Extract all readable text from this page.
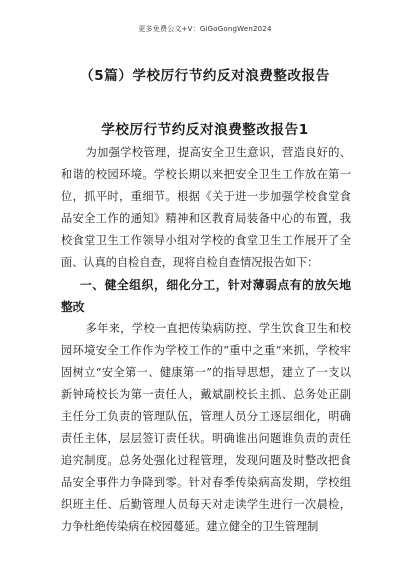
更多免费公文+V：GiGoGongWen2024
（5篇）学校厉行节约反对浪费整改报告
学校厉行节约反对浪费整改报告1

为加强学校管理，提高安全卫生意识，营造良好的、和谐的校园环境。学校长期以来把安全卫生工作放在第一位，抓平时，重细节。根据《关于进一步加强学校食堂食品安全工作的通知》精神和区教育局装备中心的布置，我校食堂卫生工作领导小组对学校的食堂卫生工作展开了全面、认真的自检自查，现将自检自查情况报告如下：

一、健全组织，细化分工，针对薄弱点有的放矢地整改

多年来，学校一直把传染病防控、学生饮食卫生和校园环境安全工作作为学校工作的“重中之重”来抓，学校牢固树立“安全第一、健康第一”的指导思想，建立了一支以新钟琦校长为第一责任人，戴斌副校长主抓、总务处正副主任分工负责的管理队伍，管理人员分工逐层细化，明确责任主体，层层签订责任状。明确谁出问题谁负责的责任追究制度。总务处强化过程管理，发现问题及时整改把食品安全事件力争降到零。针对春季传染病高发期，学校组织班主任、后勤管理人员每天对走读学生进行一次晨检，力争杜绝传染病在校园蔓延。建立健全的卫生管理制
